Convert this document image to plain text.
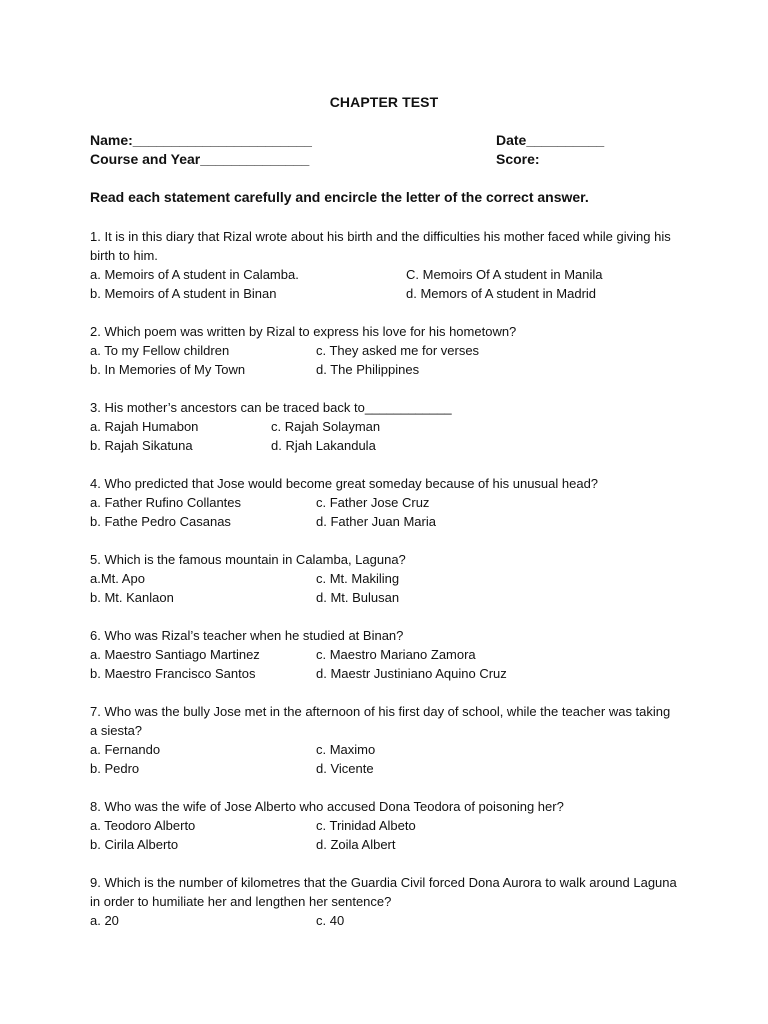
CHAPTER TEST
Name:_______________________	Date__________
Course and Year______________	Score:
Read each statement carefully and encircle the letter of the correct answer.
1. It is in this diary that Rizal wrote about his birth and the difficulties his mother faced while giving his birth to him.
a. Memoirs of A student in Calamba.	C. Memoirs Of A student in Manila
b. Memoirs of A student in Binan	d. Memors of A student in Madrid
2. Which poem was written by Rizal to express his love for his hometown?
a. To my Fellow children	c. They asked me for verses
b. In Memories of My Town	d. The Philippines
3. His mother’s ancestors can be traced back to____________
a. Rajah Humabon	c. Rajah Solayman
b. Rajah Sikatuna	d. Rjah Lakandula
4. Who predicted that Jose would become great someday because of his unusual head?
a. Father Rufino Collantes	c. Father Jose Cruz
b. Fathe Pedro Casanas	d. Father Juan Maria
5. Which is the famous mountain in Calamba, Laguna?
a.Mt. Apo	c. Mt. Makiling
b. Mt. Kanlaon	d. Mt. Bulusan
6. Who was Rizal’s teacher when he studied at Binan?
a. Maestro Santiago Martinez	c. Maestro Mariano Zamora
b. Maestro Francisco Santos	d. Maestr Justiniano Aquino Cruz
7. Who was the bully Jose met in the afternoon of his first day of school, while the teacher was taking a siesta?
a. Fernando	c. Maximo
b. Pedro	d. Vicente
8. Who was the wife of Jose Alberto who accused Dona Teodora of poisoning her?
a. Teodoro Alberto	c. Trinidad Albeto
b. Cirila Alberto	d. Zoila Albert
9. Which is the number of kilometres that the Guardia Civil forced Dona Aurora to walk around Laguna in order to humiliate her and lengthen her sentence?
a. 20	c. 40
